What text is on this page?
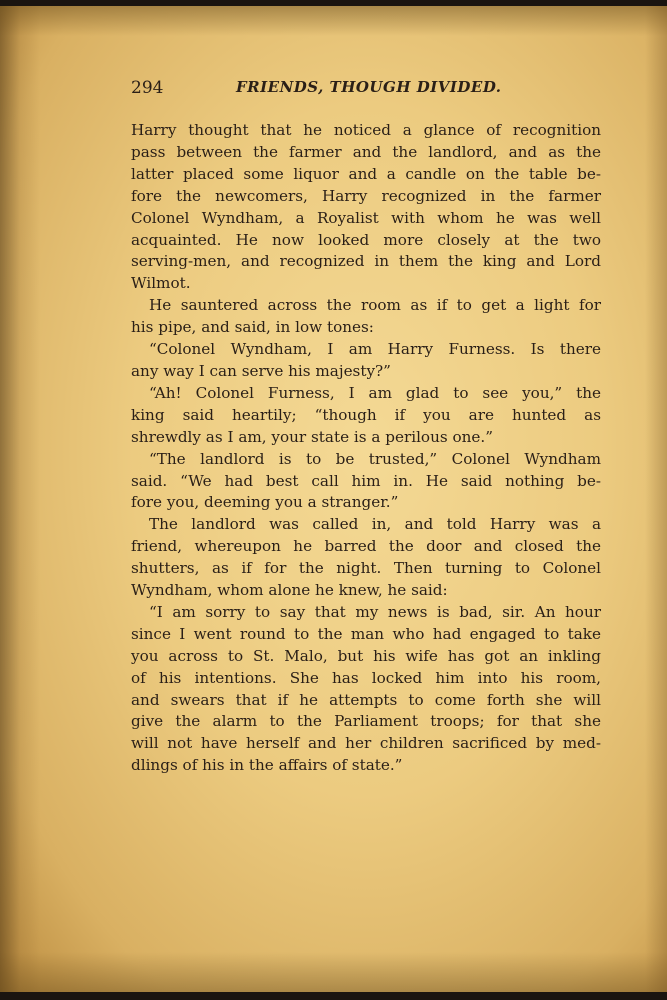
294	FRIENDS, THOUGH DIVIDED.
Harry thought that he noticed a glance of recognition
pass between the farmer and the landlord, and as the
latter placed some liquor and a candle on the table be-
fore the newcomers, Harry recognized in the farmer
Colonel Wyndham, a Royalist with whom he was well
acquainted. He now looked more closely at the two
serving-men, and recognized in them the king and Lord
Wilmot.
He sauntered across the room as if to get a light for
his pipe, and said, in low tones:
“Colonel Wyndham, I am Harry Furness. Is there
any way I can serve his majesty?”
“Ah! Colonel Furness, I am glad to see you,” the
king said heartily; “though if you are hunted as
shrewdly as I am, your state is a perilous one.”
“The landlord is to be trusted,” Colonel Wyndham
said. “We had best call him in. He said nothing be-
fore you, deeming you a stranger.”
The landlord was called in, and told Harry was a
friend, whereupon he barred the door and closed the
shutters, as if for the night. Then turning to Colonel
Wyndham, whom alone he knew, he said:
“I am sorry to say that my news is bad, sir. An hour
since I went round to the man who had engaged to take
you across to St. Malo, but his wife has got an inkling
of his intentions. She has locked him into his room,
and swears that if he attempts to come forth she will
give the alarm to the Parliament troops; for that she
will not have herself and her children sacrificed by med-
dlings of his in the affairs of state.”
